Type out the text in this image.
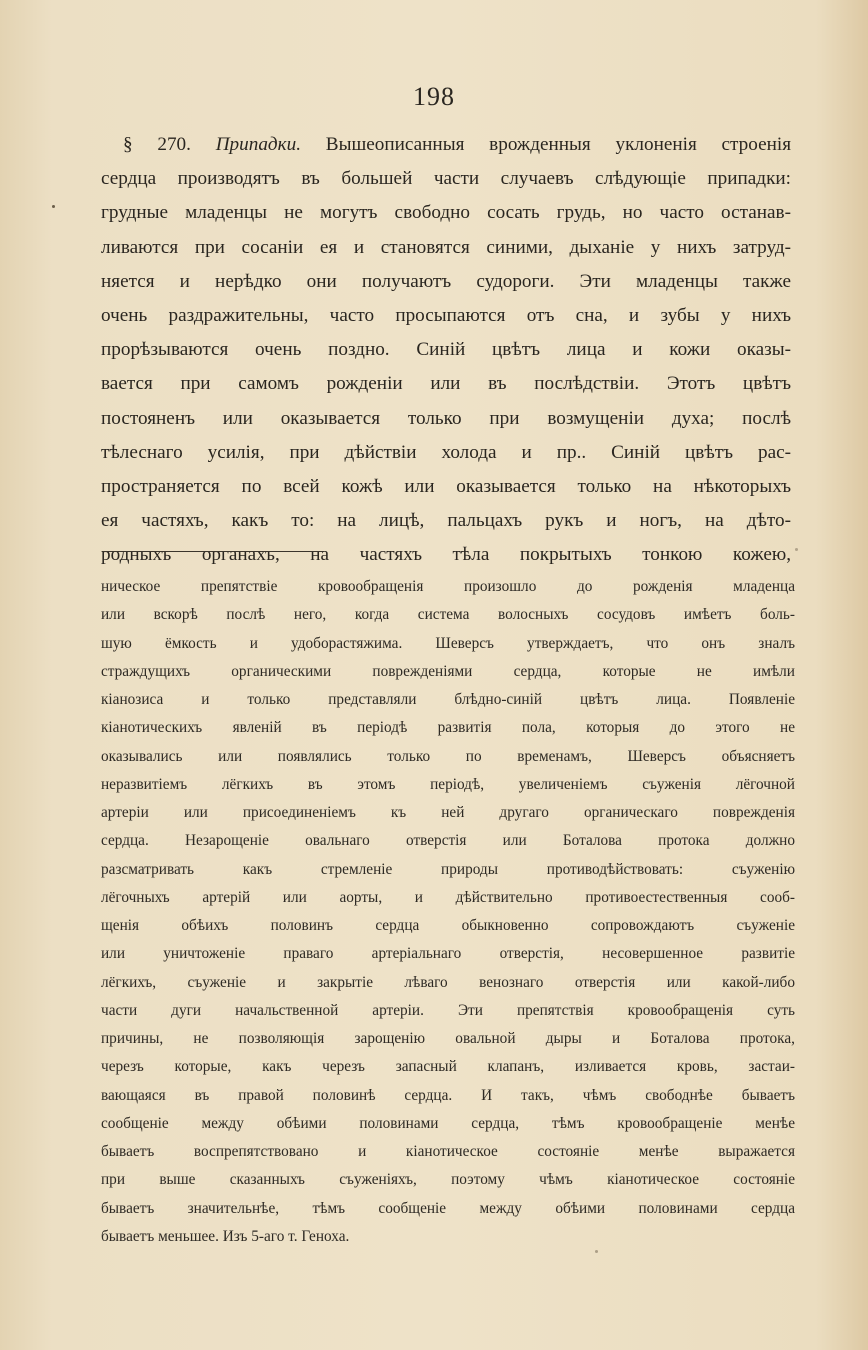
198
§ 270. Припадки. Вышеописанныя врожденныя уклоненія строенія
сердца производятъ въ большей части случаевъ слѣдующіе припадки:
грудные младенцы не могутъ свободно сосать грудь, но часто останав-
ливаются при сосаніи ея и становятся синими, дыханіе у нихъ затруд-
няется и нерѣдко они получаютъ судороги. Эти младенцы также
очень раздражительны, часто просыпаются отъ сна, и зубы у нихъ
прорѣзываются очень поздно. Синій цвѣтъ лица и кожи оказы-
вается при самомъ рожденіи или въ послѣдствіи. Этотъ цвѣтъ
постояненъ или оказывается только при возмущеніи духа; послѣ
тѣлеснаго усилія, при дѣйствіи холода и пр.. Синій цвѣтъ рас-
пространяется по всей кожѣ или оказывается только на нѣкоторыхъ
ея частяхъ, какъ то: на лицѣ, пальцахъ рукъ и ногъ, на дѣто-
родныхъ органахъ, на частяхъ тѣла покрытыхъ тонкою кожею,
ническое препятствіе кровообращенія произошло до рожденія младенца
или вскорѣ послѣ него, когда система волосныхъ сосудовъ имѣетъ боль-
шую ёмкость и удоборастяжима. Шеверсъ утверждаетъ, что онъ зналъ
страждущихъ органическими поврежденіями сердца, которые не имѣли
кіанозиса и только представляли блѣдно-синій цвѣтъ лица. Появленіе
кіанотическихъ явленій въ періодѣ развитія пола, которыя до этого не
оказывались или появлялись только по временамъ, Шеверсъ объясняетъ
неразвитіемъ лёгкихъ въ этомъ періодѣ, увеличеніемъ съуженія лёгочной
артеріи или присоединеніемъ къ ней другаго органическаго поврежденія
сердца. Незарощеніе овальнаго отверстія или Боталова протока должно
разсматривать какъ стремленіе природы противодѣйствовать: съуженію
лёгочныхъ артерій или аорты, и дѣйствительно противоестественныя сооб-
щенія обѣихъ половинъ сердца обыкновенно сопровождаютъ съуженіе
или уничтоженіе праваго артеріальнаго отверстія, несовершенное развитіе
лёгкихъ, съуженіе и закрытіе лѣваго венознаго отверстія или какой-либо
части дуги начальственной артеріи. Эти препятствія кровообращенія суть
причины, не позволяющія зарощенію овальной дыры и Боталова протока,
черезъ которые, какъ черезъ запасный клапанъ, изливается кровь, застаи-
вающаяся въ правой половинѣ сердца. И такъ, чѣмъ свободнѣе бываетъ
сообщеніе между обѣими половинами сердца, тѣмъ кровообращеніе менѣе
бываетъ воспрепятствовано и кіанотическое состояніе менѣе выражается
при выше сказанныхъ съуженіяхъ, поэтому чѣмъ кіанотическое состояніе
бываетъ значительнѣе, тѣмъ сообщеніе между обѣими половинами сердца
бываетъ меньшее. Изъ 5-аго т. Геноха.
